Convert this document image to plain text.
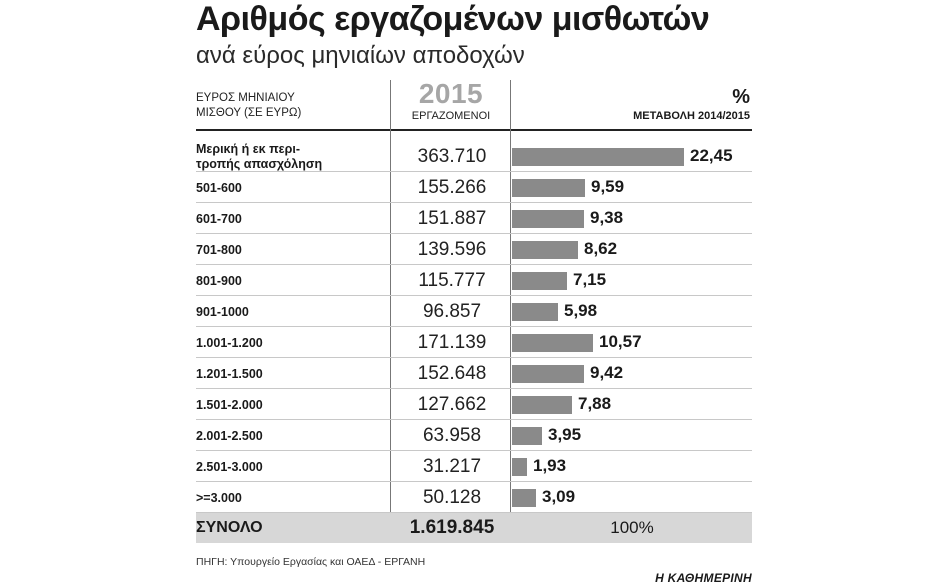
Αριθμός εργαζομένων μισθωτών
ανά εύρος μηνιαίων αποδοχών
ΕΥΡΟΣ ΜΗΝΙΑΙΟΥ
ΜΙΣΘΟΥ (ΣΕ ΕΥΡΩ)
2015
ΕΡΓΑΖΟΜΕΝΟΙ
%
ΜΕΤΑΒΟΛΗ 2014/2015
Μερική ή εκ περι-
τροπής απασχόληση	363.710	22,45
501-600	155.266	9,59
601-700	151.887	9,38
701-800	139.596	8,62
801-900	115.777	7,15
901-1000	96.857	5,98
1.001-1.200	171.139	10,57
1.201-1.500	152.648	9,42
1.501-2.000	127.662	7,88
2.001-2.500	63.958	3,95
2.501-3.000	31.217	1,93
>=3.000	50.128	3,09
ΣΥΝΟΛΟ	1.619.845	100%
ΠΗΓΗ: Υπουργείο Εργασίας και ΟΑΕΔ - ΕΡΓΑΝΗ
Η ΚΑΘΗΜΕΡΙΝΗ
